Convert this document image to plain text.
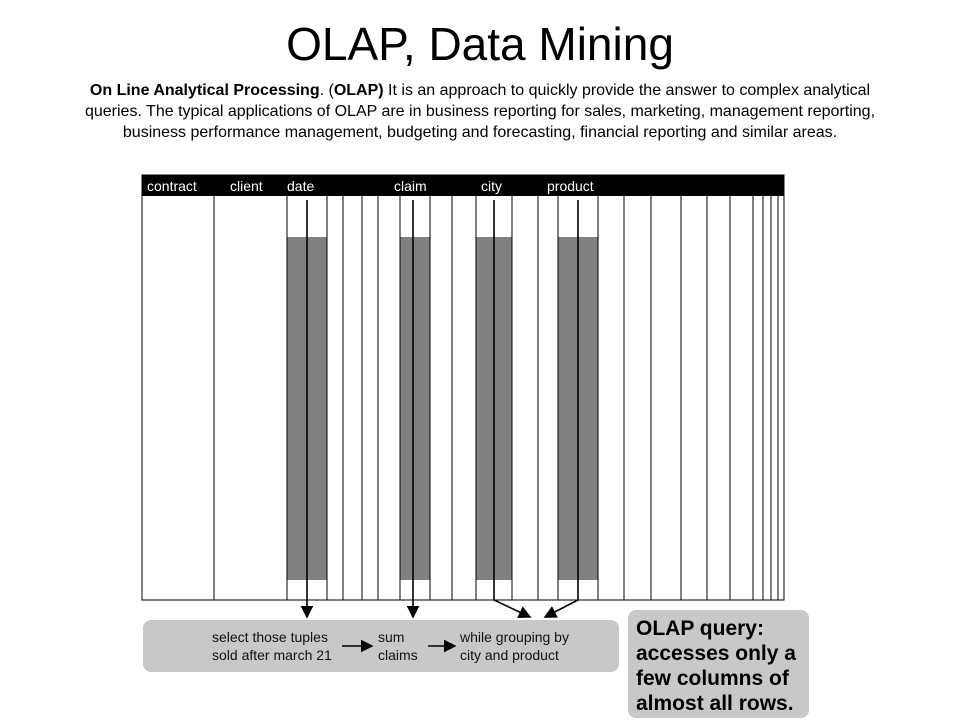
OLAP, Data Mining
On Line Analytical Processing. (OLAP) It is an approach to quickly provide the answer to complex analytical queries. The typical applications of OLAP are in business reporting for sales, marketing, management reporting, business performance management, budgeting and forecasting, financial reporting and similar areas.
contract client date	claim	city	product
select those tuples
sold after march 21
sum
claims
while grouping by
city and product
OLAP query:
accesses only a
few columns of
almost all rows.
